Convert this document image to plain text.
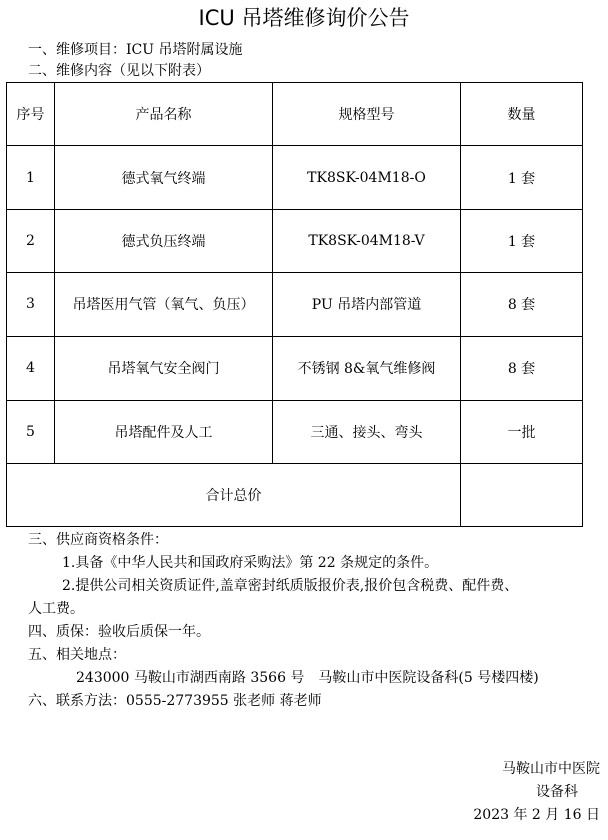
ICU 吊塔维修询价公告
一、维修项目：ICU 吊塔附属设施
二、维修内容（见以下附表）
序号	产品名称	规格型号	数量
1	德式氧气终端	TK8SK-04M18-O	1 套
2	德式负压终端	TK8SK-04M18-V	1 套
3	吊塔医用气管（氧气、负压）	PU 吊塔内部管道	8 套
4	吊塔氧气安全阀门	不锈钢 8&氧气维修阀	8 套
5	吊塔配件及人工	三通、接头、弯头	一批
合计总价			
三、供应商资格条件：
1.具备《中华人民共和国政府采购法》第 22 条规定的条件。
2.提供公司相关资质证件,盖章密封纸质版报价表,报价包含税费、配件费、
人工费。
四、质保：验收后质保一年。
五、相关地点：
243000 马鞍山市湖西南路 3566 号　马鞍山市中医院设备科(5 号楼四楼)
六、联系方法：0555-2773955 张老师 蒋老师
马鞍山市中医院
设备科
2023 年 2 月 16 日
